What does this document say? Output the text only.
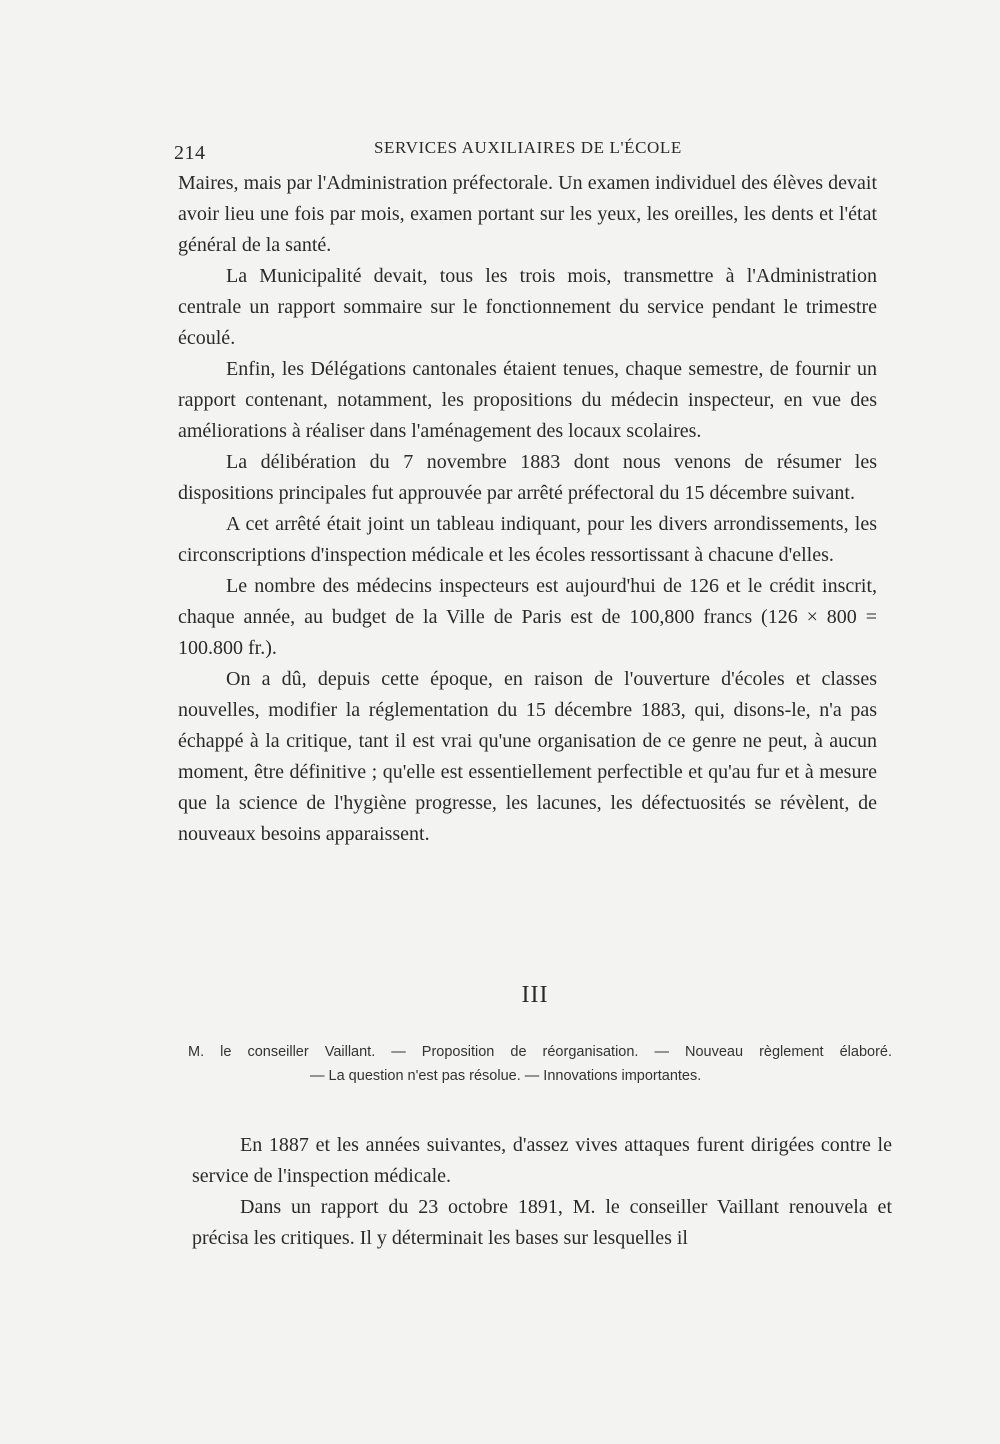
214	SERVICES AUXILIAIRES DE L'ÉCOLE

Maires, mais par l'Administration préfectorale. Un examen individuel des élèves devait avoir lieu une fois par mois, examen portant sur les yeux, les oreilles, les dents et l'état général de la santé.

La Municipalité devait, tous les trois mois, transmettre à l'Administration centrale un rapport sommaire sur le fonctionnement du service pendant le trimestre écoulé.

Enfin, les Délégations cantonales étaient tenues, chaque semestre, de fournir un rapport contenant, notamment, les propositions du médecin inspecteur, en vue des améliorations à réaliser dans l'aménagement des locaux scolaires.

La délibération du 7 novembre 1883 dont nous venons de résumer les dispositions principales fut approuvée par arrêté préfectoral du 15 décembre suivant.

A cet arrêté était joint un tableau indiquant, pour les divers arrondissements, les circonscriptions d'inspection médicale et les écoles ressortissant à chacune d'elles.

Le nombre des médecins inspecteurs est aujourd'hui de 126 et le crédit inscrit, chaque année, au budget de la Ville de Paris est de 100,800 francs (126 × 800 = 100.800 fr.).

On a dû, depuis cette époque, en raison de l'ouverture d'écoles et classes nouvelles, modifier la réglementation du 15 décembre 1883, qui, disons-le, n'a pas échappé à la critique, tant il est vrai qu'une organisation de ce genre ne peut, à aucun moment, être définitive ; qu'elle est essentiellement perfectible et qu'au fur et à mesure que la science de l'hygiène progresse, les lacunes, les défectuosités se révèlent, de nouveaux besoins apparaissent.

III
M. le conseiller Vaillant. — Proposition de réorganisation. — Nouveau règlement élaboré.
— La question n'est pas résolue. — Innovations importantes.

En 1887 et les années suivantes, d'assez vives attaques furent dirigées contre le service de l'inspection médicale.

Dans un rapport du 23 octobre 1891, M. le conseiller Vaillant renouvela et précisa les critiques. Il y déterminait les bases sur lesquelles il
